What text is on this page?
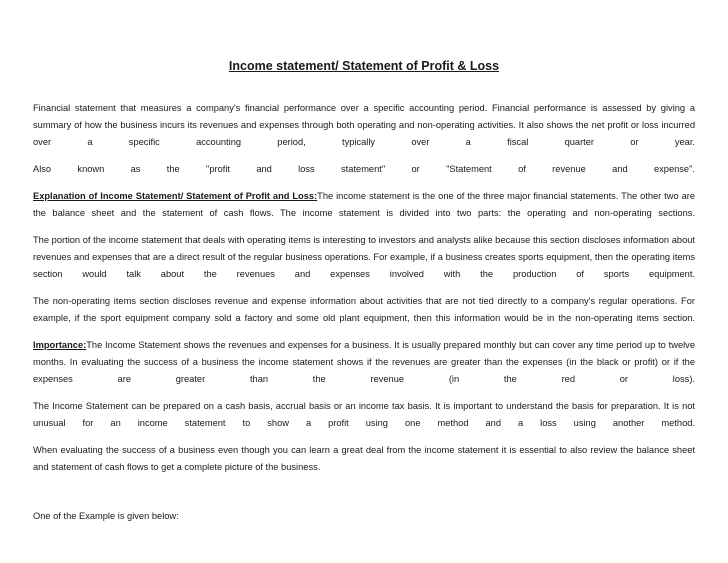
Income statement/ Statement of Profit & Loss

Financial statement that measures a company's financial performance over a specific accounting period. Financial performance is assessed by giving a summary of how the business incurs its revenues and expenses through both operating and non-operating activities. It also shows the net profit or loss incurred over a specific accounting period, typically over a fiscal quarter or year.

Also known as the "profit and loss statement" or "Statement of revenue and expense".

Explanation of Income Statement/ Statement of Profit and Loss:The income statement is the one of the three major financial statements. The other two are the balance sheet and the statement of cash flows. The income statement is divided into two parts: the operating and non-operating sections.

The portion of the income statement that deals with operating items is interesting to investors and analysts alike because this section discloses information about revenues and expenses that are a direct result of the regular business operations. For example, if a business creates sports equipment, then the operating items section would talk about the revenues and expenses involved with the production of sports equipment.

The non-operating items section discloses revenue and expense information about activities that are not tied directly to a company's regular operations. For example, if the sport equipment company sold a factory and some old plant equipment, then this information would be in the non-operating items section.

Importance:The Income Statement shows the revenues and expenses for a business. It is usually prepared monthly but can cover any time period up to twelve months. In evaluating the success of a business the income statement shows if the revenues are greater than the expenses (in the black or profit) or if the expenses are greater than the revenue (in the red or loss).

The Income Statement can be prepared on a cash basis, accrual basis or an income tax basis. It is important to understand the basis for preparation. It is not unusual for an income statement to show a profit using one method and a loss using another method.

When evaluating the success of a business even though you can learn a great deal from the income statement it is essential to also review the balance sheet and statement of cash flows to get a complete picture of the business.

One of the Example is given below:
